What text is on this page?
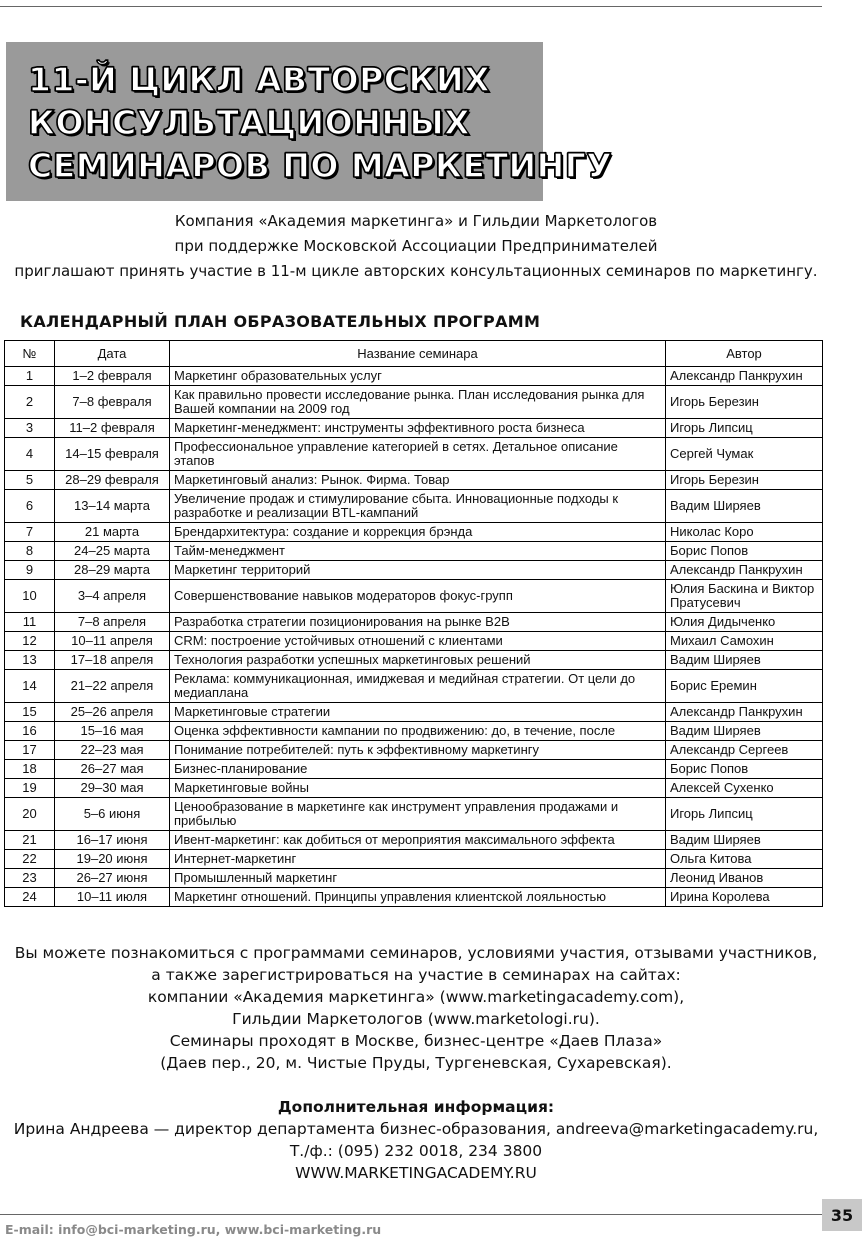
11-Й ЦИКЛ АВТОРСКИХ
КОНСУЛЬТАЦИОННЫХ
СЕМИНАРОВ ПО МАРКЕТИНГУ
Компания «Академия маркетинга» и Гильдии Маркетологов
при поддержке Московской Ассоциации Предпринимателей
приглашают принять участие в 11-м цикле авторских консультационных семинаров по маркетингу.
КАЛЕНДАРНЫЙ ПЛАН ОБРАЗОВАТЕЛЬНЫХ ПРОГРАММ
№	Дата	Название семинара	Автор
1	1–2 февраля	Маркетинг образовательных услуг	Александр Панкрухин
2	7–8 февраля	Как правильно провести исследование рынка. План исследования рынка для Вашей компании на 2009 год	Игорь Березин
3	11–2 февраля	Маркетинг-менеджмент: инструменты эффективного роста бизнеса	Игорь Липсиц
4	14–15 февраля	Профессиональное управление категорией в сетях. Детальное описание этапов	Сергей Чумак
5	28–29 февраля	Маркетинговый анализ: Рынок. Фирма. Товар	Игорь Березин
6	13–14 марта	Увеличение продаж и стимулирование сбыта. Инновационные подходы к разработке и реализации BTL-кампаний	Вадим Ширяев
7	21 марта	Брендархитектура: создание и коррекция брэнда	Николас Коро
8	24–25 марта	Тайм-менеджмент	Борис Попов
9	28–29 марта	Маркетинг территорий	Александр Панкрухин
10	3–4 апреля	Совершенствование навыков модераторов фокус-групп	Юлия Баскина и Виктор Пратусевич
11	7–8 апреля	Разработка стратегии позиционирования на рынке B2B	Юлия Дидыченко
12	10–11 апреля	CRM: построение устойчивых отношений с клиентами	Михаил Самохин
13	17–18 апреля	Технология разработки успешных маркетинговых решений	Вадим Ширяев
14	21–22 апреля	Реклама: коммуникационная, имиджевая и медийная стратегии. От цели до медиаплана	Борис Еремин
15	25–26 апреля	Маркетинговые стратегии	Александр Панкрухин
16	15–16 мая	Оценка эффективности кампании по продвижению: до, в течение, после	Вадим Ширяев
17	22–23 мая	Понимание потребителей: путь к эффективному маркетингу	Александр Сергеев
18	26–27 мая	Бизнес-планирование	Борис Попов
19	29–30 мая	Маркетинговые войны	Алексей Сухенко
20	5–6 июня	Ценообразование в маркетинге как инструмент управления продажами и прибылью	Игорь Липсиц
21	16–17 июня	Ивент-маркетинг: как добиться от мероприятия максимального эффекта	Вадим Ширяев
22	19–20 июня	Интернет-маркетинг	Ольга Китова
23	26–27 июня	Промышленный маркетинг	Леонид Иванов
24	10–11 июля	Маркетинг отношений. Принципы управления клиентской лояльностью	Ирина Королева
Вы можете познакомиться с программами семинаров, условиями участия, отзывами участников,
а также зарегистрироваться на участие в семинарах на сайтах:
компании «Академия маркетинга» (www.marketingacademy.com),
Гильдии Маркетологов (www.marketologi.ru).
Семинары проходят в Москве, бизнес-центре «Даев Плаза»
(Даев пер., 20, м. Чистые Пруды, Тургеневская, Сухаревская).
Дополнительная информация:
Ирина Андреева — директор департамента бизнес-образования, andreeva@marketingacademy.ru,
Т./ф.: (095) 232 0018, 234 3800
WWW.MARKETINGACADEMY.RU
E-mail: info@bci-marketing.ru, www.bci-marketing.ru
35
